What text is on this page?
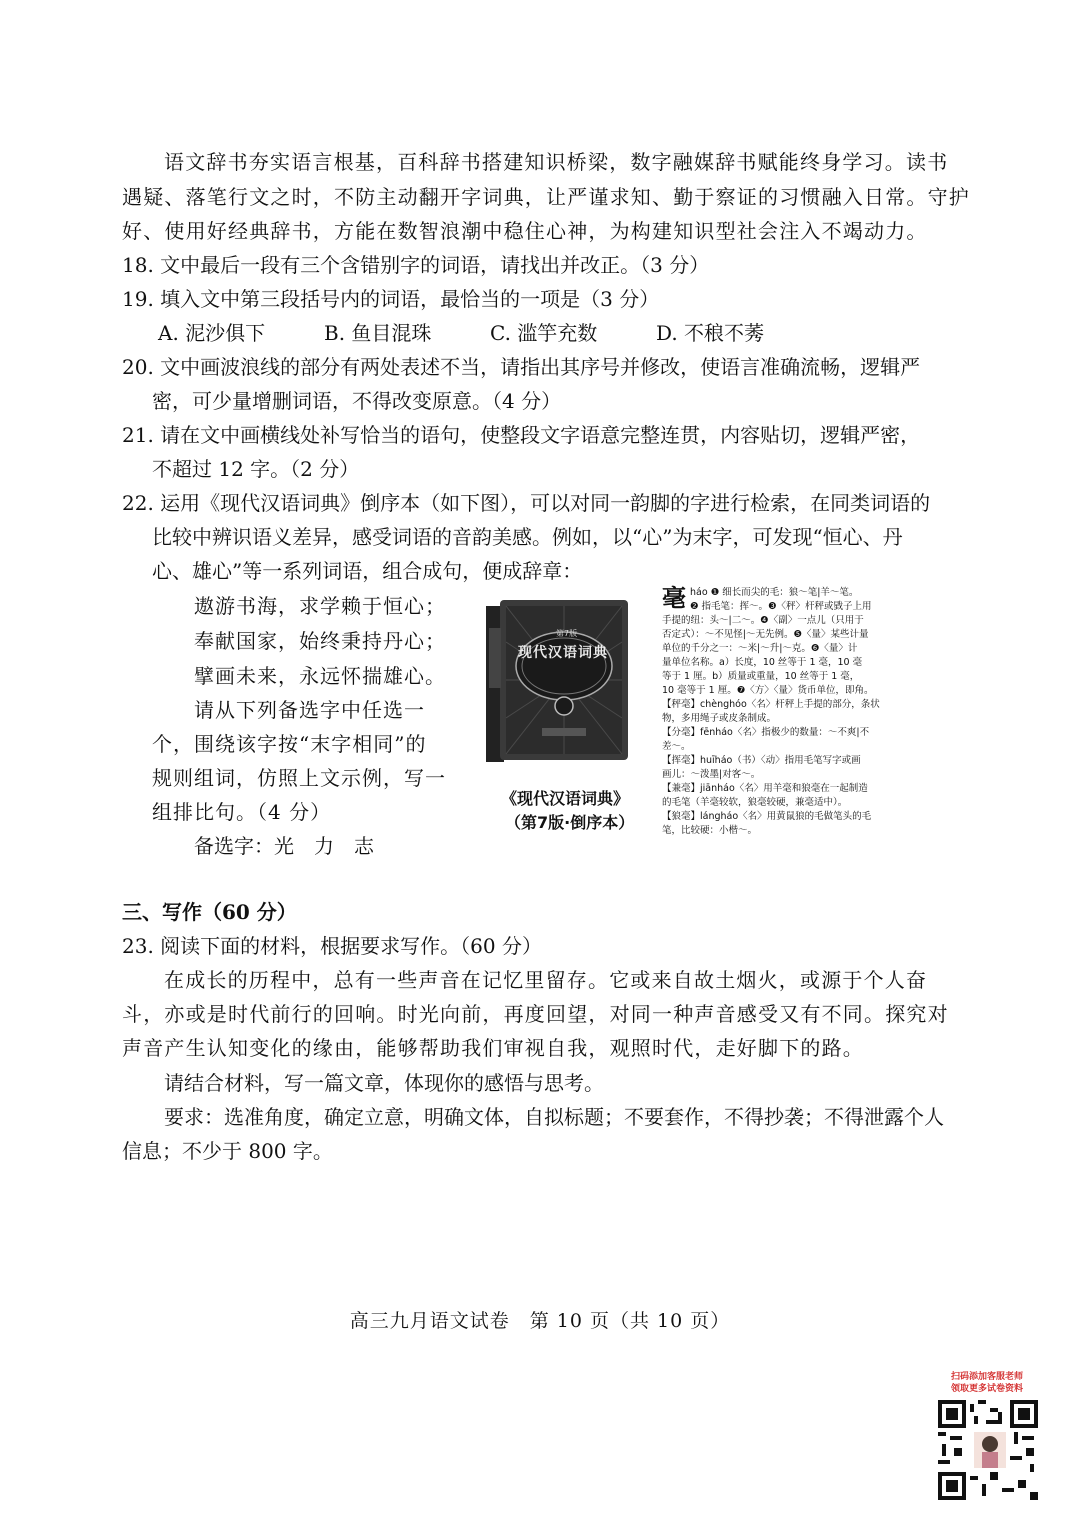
语文辞书夯实语言根基，百科辞书搭建知识桥梁，数字融媒辞书赋能终身学习。读书
遇疑、落笔行文之时，不防主动翻开字词典，让严谨求知、勤于察证的习惯融入日常。守护
好、使用好经典辞书，方能在数智浪潮中稳住心神，为构建知识型社会注入不竭动力。
18. 文中最后一段有三个含错别字的词语，请找出并改正。（3 分）
19. 填入文中第三段括号内的词语，最恰当的一项是（3 分）
A. 泥沙俱下	B. 鱼目混珠	C. 滥竽充数	D. 不稂不莠
20. 文中画波浪线的部分有两处表述不当，请指出其序号并修改，使语言准确流畅，逻辑严
密，可少量增删词语，不得改变原意。（4 分）
21. 请在文中画横线处补写恰当的语句，使整段文字语意完整连贯，内容贴切，逻辑严密，
不超过 12 字。（2 分）
22. 运用《现代汉语词典》倒序本（如下图），可以对同一韵脚的字进行检索，在同类词语的
比较中辨识语义差异，感受词语的音韵美感。例如，以“心”为末字，可发现“恒心、丹
心、雄心”等一系列词语，组合成句，便成辞章：
遨游书海，求学赖于恒心；
奉献国家，始终秉持丹心；
擘画未来，永远怀揣雄心。
请从下列备选字中任选一
个，围绕该字按“末字相同”的
规则组词，仿照上文示例，写一
组排比句。（4 分）
备选字：光　力　志
现代汉语词典
第7版
《现代汉语词典》
（第7版·倒序本）
毫 háo ❶ 细长而尖的毛：狼～笔|羊～笔。
❷ 指毛笔：挥～。❸〈秤〉杆秤或戥子上用
手提的纽：头～|二～。❹〈副〉一点儿（只用于
否定式）：～不见怪|～无先例。❺〈量〉某些计量
单位的千分之一：～米|～升|～克。❻〈量〉计
量单位名称。a）长度，10 丝等于 1 毫，10 毫
等于 1 厘。b）质量或重量，10 丝等于 1 毫，
10 毫等于 1 厘。❼〈方〉〈量〉货币单位，即角。
【秤毫】chènghóo〈名〉杆秤上手提的部分，条状
物，多用绳子或皮条制成。
【分毫】fēnháo〈名〉指极少的数量：～不爽|不
差～。
【挥毫】huīháo（书）〈动〉指用毛笔写字或画
画儿：～泼墨|对客～。
【兼毫】jiānháo〈名〉用羊毫和狼毫在一起制造
的毛笔（羊毫较软，狼毫较硬，兼毫适中）。
【狼毫】lángháo〈名〉用黄鼠狼的毛做笔头的毛
笔，比较硬：小楷～。
三、写作（60 分）
23. 阅读下面的材料，根据要求写作。（60 分）
在成长的历程中，总有一些声音在记忆里留存。它或来自故土烟火，或源于个人奋
斗，亦或是时代前行的回响。时光向前，再度回望，对同一种声音感受又有不同。探究对
声音产生认知变化的缘由，能够帮助我们审视自我，观照时代，走好脚下的路。
请结合材料，写一篇文章，体现你的感悟与思考。
要求：选准角度，确定立意，明确文体，自拟标题；不要套作，不得抄袭；不得泄露个人
信息；不少于 800 字。
高三九月语文试卷　第 10 页（共 10 页）
扫码添加客服老师
领取更多试卷资料
